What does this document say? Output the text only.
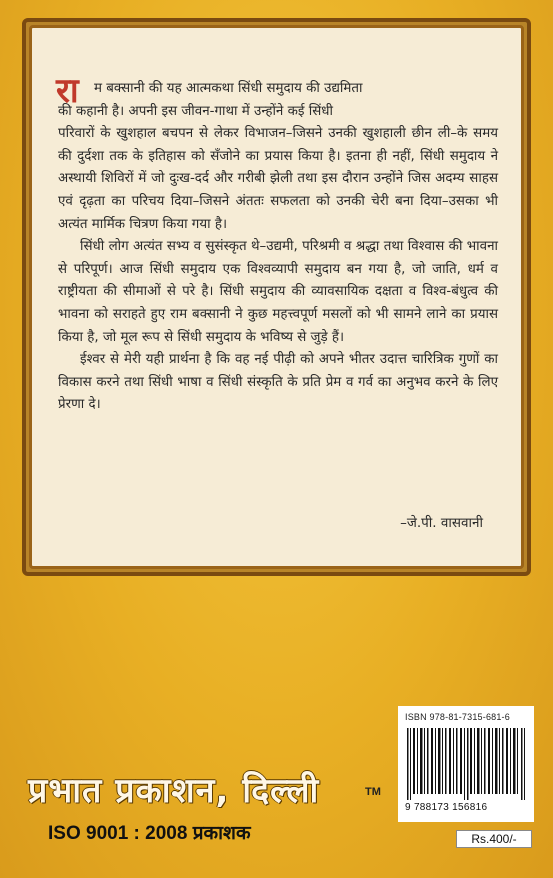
रा	म बक्सानी की यह आत्मकथा सिंधी समुदाय की उद्यमिता
की कहानी है। अपनी इस जीवन-गाथा में उन्होंने कई सिंधी
परिवारों के खुशहाल बचपन से लेकर विभाजन–जिसने उनकी खुशहाली छीन ली–के समय की दुर्दशा तक के इतिहास को सँजोने का प्रयास किया है। इतना ही नहीं, सिंधी समुदाय ने अस्थायी शिविरों में जो दुःख-दर्द और गरीबी झेली तथा इस दौरान उन्होंने जिस अदम्य साहस एवं दृढ़ता का परिचय दिया–जिसने अंततः सफलता को उनकी चेरी बना दिया–उसका भी अत्यंत मार्मिक चित्रण किया गया है।

सिंधी लोग अत्यंत सभ्य व सुसंस्कृत थे–उद्यमी, परिश्रमी व श्रद्धा तथा विश्वास की भावना से परिपूर्ण। आज सिंधी समुदाय एक विश्वव्यापी समुदाय बन गया है, जो जाति, धर्म व राष्ट्रीयता की सीमाओं से परे है। सिंधी समुदाय की व्यावसायिक दक्षता व विश्व-बंधुत्व की भावना को सराहते हुए राम बक्सानी ने कुछ महत्त्वपूर्ण मसलों को भी सामने लाने का प्रयास किया है, जो मूल रूप से सिंधी समुदाय के भविष्य से जुड़े हैं।

ईश्वर से मेरी यही प्रार्थना है कि वह नई पीढ़ी को अपने भीतर उदात्त चारित्रिक गुणों का विकास करने तथा सिंधी भाषा व सिंधी संस्कृति के प्रति प्रेम व गर्व का अनुभव करने के लिए प्रेरणा दे।

–जे.पी. वासवानी
ISBN 978-81-7315-681-6
9 788173 156816
Rs.400/-
प्रभात प्रकाशन, दिल्ली	TM
ISO 9001 : 2008 प्रकाशक
